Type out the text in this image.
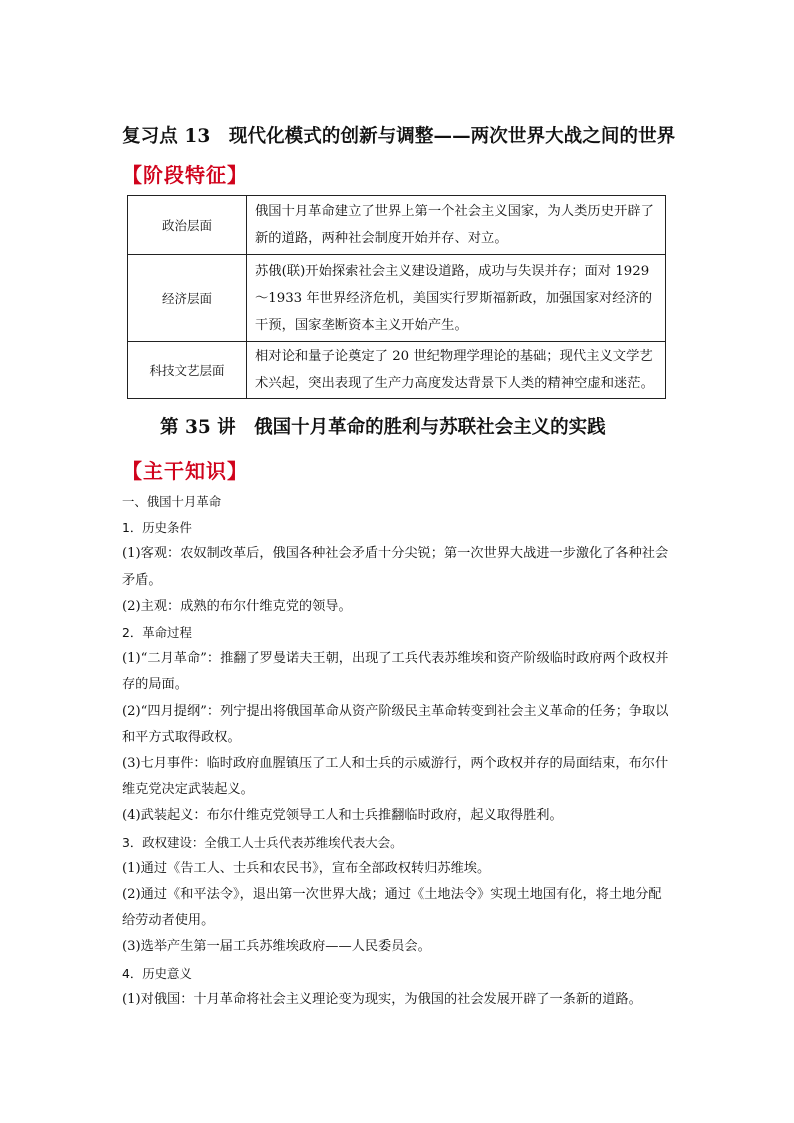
复习点 13　现代化模式的创新与调整——两次世界大战之间的世界
【阶段特征】
政治层面	俄国十月革命建立了世界上第一个社会主义国家，为人类历史开辟了新的道路，两种社会制度开始并存、对立。
经济层面	苏俄(联)开始探索社会主义建设道路，成功与失误并存；面对 1929～1933 年世界经济危机，美国实行罗斯福新政，加强国家对经济的干预，国家垄断资本主义开始产生。
科技文艺层面	相对论和量子论奠定了 20 世纪物理学理论的基础；现代主义文学艺术兴起，突出表现了生产力高度发达背景下人类的精神空虚和迷茫。
第 35 讲　俄国十月革命的胜利与苏联社会主义的实践
【主干知识】

一、俄国十月革命

1．历史条件

(1)客观：农奴制改革后，俄国各种社会矛盾十分尖锐；第一次世界大战进一步激化了各种社会矛盾。

(2)主观：成熟的布尔什维克党的领导。

2．革命过程

(1)“二月革命”：推翻了罗曼诺夫王朝，出现了工兵代表苏维埃和资产阶级临时政府两个政权并存的局面。

(2)“四月提纲”：列宁提出将俄国革命从资产阶级民主革命转变到社会主义革命的任务；争取以和平方式取得政权。

(3)七月事件：临时政府血腥镇压了工人和士兵的示威游行，两个政权并存的局面结束，布尔什维克党决定武装起义。

(4)武装起义：布尔什维克党领导工人和士兵推翻临时政府，起义取得胜利。

3．政权建设：全俄工人士兵代表苏维埃代表大会。

(1)通过《告工人、士兵和农民书》，宣布全部政权转归苏维埃。

(2)通过《和平法令》，退出第一次世界大战；通过《土地法令》实现土地国有化，将土地分配给劳动者使用。

(3)选举产生第一届工兵苏维埃政府——人民委员会。

4．历史意义

(1)对俄国：十月革命将社会主义理论变为现实，为俄国的社会发展开辟了一条新的道路。
